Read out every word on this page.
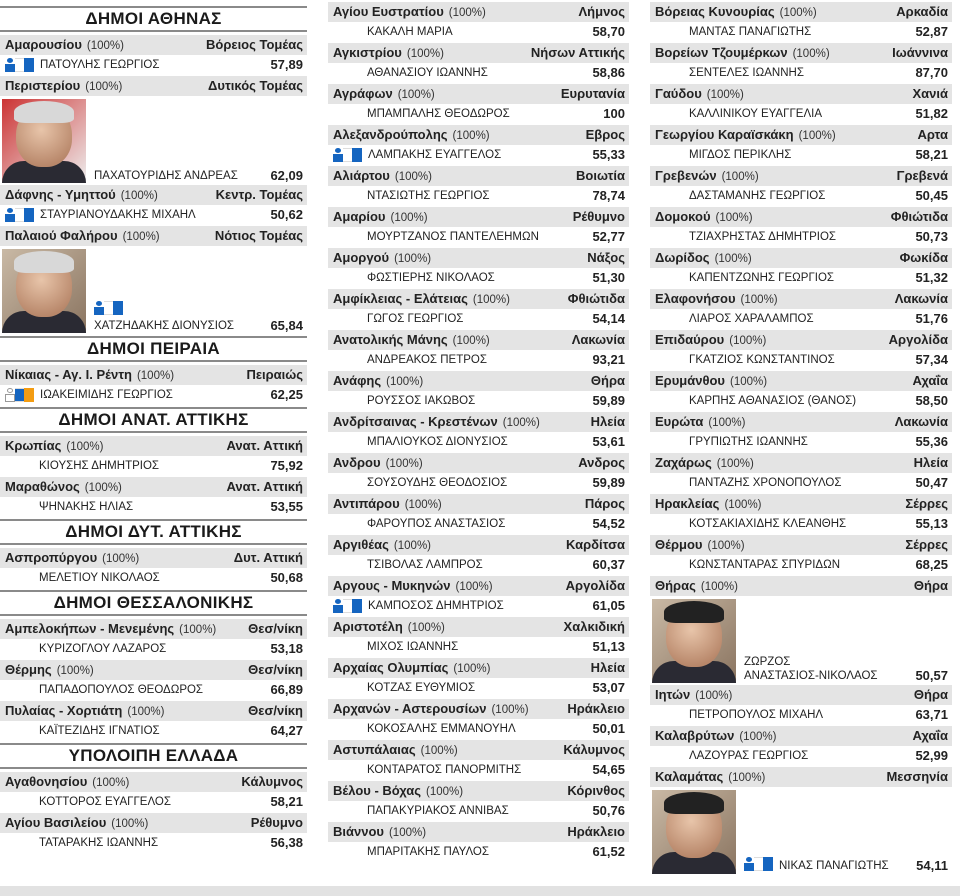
ΔΗΜΟΙ ΑΘΗΝΑΣ
Αμαρουσίου (100%)	Βόρειος Τομέας
ΠΑΤΟΥΛΗΣ ΓΕΩΡΓΙΟΣ	57,89
Περιστερίου (100%)	Δυτικός Τομέας
ΠΑΧΑΤΟΥΡΙΔΗΣ ΑΝΔΡΕΑΣ	62,09
Δάφνης - Υμηττού (100%)	Κεντρ. Τομέας
ΣΤΑΥΡΙΑΝΟΥΔΑΚΗΣ ΜΙΧΑΗΛ	50,62
Παλαιού Φαλήρου (100%)	Νότιος Τομέας
ΧΑΤΖΗΔΑΚΗΣ ΔΙΟΝΥΣΙΟΣ	65,84
ΔΗΜΟΙ ΠΕΙΡΑΙΑ
Νίκαιας - Αγ. Ι. Ρέντη (100%)	Πειραιώς
ΙΩΑΚΕΙΜΙΔΗΣ ΓΕΩΡΓΙΟΣ	62,25
ΔΗΜΟΙ ΑΝΑΤ. ΑΤΤΙΚΗΣ
Κρωπίας (100%)	Ανατ. Αττική
ΚΙΟΥΣΗΣ ΔΗΜΗΤΡΙΟΣ	75,92
Μαραθώνος (100%)	Ανατ. Αττική
ΨΗΝΑΚΗΣ ΗΛΙΑΣ	53,55
ΔΗΜΟΙ ΔΥΤ. ΑΤΤΙΚΗΣ
Ασπροπύργου (100%)	Δυτ. Αττική
ΜΕΛΕΤΙΟΥ ΝΙΚΟΛΑΟΣ	50,68
ΔΗΜΟΙ ΘΕΣΣΑΛΟΝΙΚΗΣ
Αμπελοκήπων - Μενεμένης (100%) Θεσ/νίκη
ΚΥΡΙΖΟΓΛΟΥ ΛΑΖΑΡΟΣ	53,18
Θέρμης (100%)	Θεσ/νίκη
ΠΑΠΑΔΟΠΟΥΛΟΣ ΘΕΟΔΩΡΟΣ	66,89
Πυλαίας - Χορτιάτη (100%)	Θεσ/νίκη
ΚΑΪΤΕΖΙΔΗΣ ΙΓΝΑΤΙΟΣ	64,27
ΥΠΟΛΟΙΠΗ ΕΛΛΑΔΑ
Αγαθονησίου (100%)	Κάλυμνος
ΚΟΤΤΟΡΟΣ ΕΥΑΓΓΕΛΟΣ	58,21
Αγίου Βασιλείου (100%)	Ρέθυμνο
ΤΑΤΑΡΑΚΗΣ ΙΩΑΝΝΗΣ	56,38
Αγίου Ευστρατίου (100%)	Λήμνος
ΚΑΚΑΛΗ ΜΑΡΙΑ	58,70
Αγκιστρίου (100%)	Νήσων Αττικής
ΑΘΑΝΑΣΙΟΥ ΙΩΑΝΝΗΣ	58,86
Αγράφων (100%)	Ευρυτανία
ΜΠΑΜΠΑΛΗΣ ΘΕΟΔΩΡΟΣ	100
Αλεξανδρούπολης (100%)	Εβρος
ΛΑΜΠΑΚΗΣ ΕΥΑΓΓΕΛΟΣ	55,33
Αλιάρτου (100%)	Βοιωτία
ΝΤΑΣΙΩΤΗΣ ΓΕΩΡΓΙΟΣ	78,74
Αμαρίου (100%)	Ρέθυμνο
ΜΟΥΡΤΖΑΝΟΣ ΠΑΝΤΕΛΕΗΜΩΝ	52,77
Αμοργού (100%)	Νάξος
ΦΩΣΤΙΕΡΗΣ ΝΙΚΟΛΑΟΣ	51,30
Αμφίκλειας - Ελάτειας (100%)	Φθιώτιδα
ΓΩΓΟΣ ΓΕΩΡΓΙΟΣ	54,14
Ανατολικής Μάνης (100%)	Λακωνία
ΑΝΔΡΕΑΚΟΣ ΠΕΤΡΟΣ	93,21
Ανάφης (100%)	Θήρα
ΡΟΥΣΣΟΣ ΙΑΚΩΒΟΣ	59,89
Ανδρίτσαινας - Κρεστένων (100%)	Ηλεία
ΜΠΑΛΙΟΥΚΟΣ ΔΙΟΝΥΣΙΟΣ	53,61
Ανδρου (100%)	Ανδρος
ΣΟΥΣΟΥΔΗΣ ΘΕΟΔΟΣΙΟΣ	59,89
Αντιπάρου (100%)	Πάρος
ΦΑΡΟΥΠΟΣ ΑΝΑΣΤΑΣΙΟΣ	54,52
Αργιθέας (100%)	Καρδίτσα
ΤΣΙΒΟΛΑΣ ΛΑΜΠΡΟΣ	60,37
Αργους - Μυκηνών (100%)	Αργολίδα
ΚΑΜΠΟΣΟΣ ΔΗΜΗΤΡΙΟΣ	61,05
Αριστοτέλη (100%)	Χαλκιδική
ΜΙΧΟΣ ΙΩΑΝΝΗΣ	51,13
Αρχαίας Ολυμπίας (100%)	Ηλεία
ΚΟΤΖΑΣ ΕΥΘΥΜΙΟΣ	53,07
Αρχανών - Αστερουσίων (100%)	Ηράκλειο
ΚΟΚΟΣΑΛΗΣ ΕΜΜΑΝΟΥΗΛ	50,01
Αστυπάλαιας (100%)	Κάλυμνος
ΚΟΝΤΑΡΑΤΟΣ ΠΑΝΟΡΜΙΤΗΣ	54,65
Βέλου - Βόχας (100%)	Κόρινθος
ΠΑΠΑΚΥΡΙΑΚΟΣ ΑΝΝΙΒΑΣ	50,76
Βιάννου (100%)	Ηράκλειο
ΜΠΑΡΙΤΑΚΗΣ ΠΑΥΛΟΣ	61,52
Βόρειας Κυνουρίας (100%)	Αρκαδία
ΜΑΝΤΑΣ ΠΑΝΑΓΙΩΤΗΣ	52,87
Βορείων Τζουμέρκων (100%)	Ιωάννινα
ΣΕΝΤΕΛΕΣ ΙΩΑΝΝΗΣ	87,70
Γαύδου (100%)	Χανιά
ΚΑΛΛΙΝΙΚΟΥ ΕΥΑΓΓΕΛΙΑ	51,82
Γεωργίου Καραϊσκάκη (100%)	Αρτα
ΜΙΓΔΟΣ ΠΕΡΙΚΛΗΣ	58,21
Γρεβενών (100%)	Γρεβενά
ΔΑΣΤΑΜΑΝΗΣ ΓΕΩΡΓΙΟΣ	50,45
Δομοκού (100%)	Φθιώτιδα
ΤΖΙΑΧΡΗΣΤΑΣ ΔΗΜΗΤΡΙΟΣ	50,73
Δωρίδος (100%)	Φωκίδα
ΚΑΠΕΝΤΖΩΝΗΣ ΓΕΩΡΓΙΟΣ	51,32
Ελαφονήσου (100%)	Λακωνία
ΛΙΑΡΟΣ ΧΑΡΑΛΑΜΠΟΣ	51,76
Επιδαύρου (100%)	Αργολίδα
ΓΚΑΤΖΙΟΣ ΚΩΝΣΤΑΝΤΙΝΟΣ	57,34
Ερυμάνθου (100%)	Αχαΐα
ΚΑΡΠΗΣ ΑΘΑΝΑΣΙΟΣ (ΘΑΝΟΣ)	58,50
Ευρώτα (100%)	Λακωνία
ΓΡΥΠΙΩΤΗΣ ΙΩΑΝΝΗΣ	55,36
Ζαχάρως (100%)	Ηλεία
ΠΑΝΤΑΖΗΣ ΧΡΟΝΟΠΟΥΛΟΣ	50,47
Ηρακλείας (100%)	Σέρρες
ΚΟΤΣΑΚΙΑΧΙΔΗΣ ΚΛΕΑΝΘΗΣ	55,13
Θέρμου (100%)	Σέρρες
ΚΩΝΣΤΑΝΤΑΡΑΣ ΣΠΥΡΙΔΩΝ	68,25
Θήρας (100%)	Θήρα
ΖΩΡΖΟΣ
ΑΝΑΣΤΑΣΙΟΣ-ΝΙΚΟΛΑΟΣ	50,57
Ιητών (100%)	Θήρα
ΠΕΤΡΟΠΟΥΛΟΣ ΜΙΧΑΗΛ	63,71
Καλαβρύτων (100%)	Αχαΐα
ΛΑΖΟΥΡΑΣ ΓΕΩΡΓΙΟΣ	52,99
Καλαμάτας (100%)	Μεσσηνία
ΝΙΚΑΣ ΠΑΝΑΓΙΩΤΗΣ 54,11
